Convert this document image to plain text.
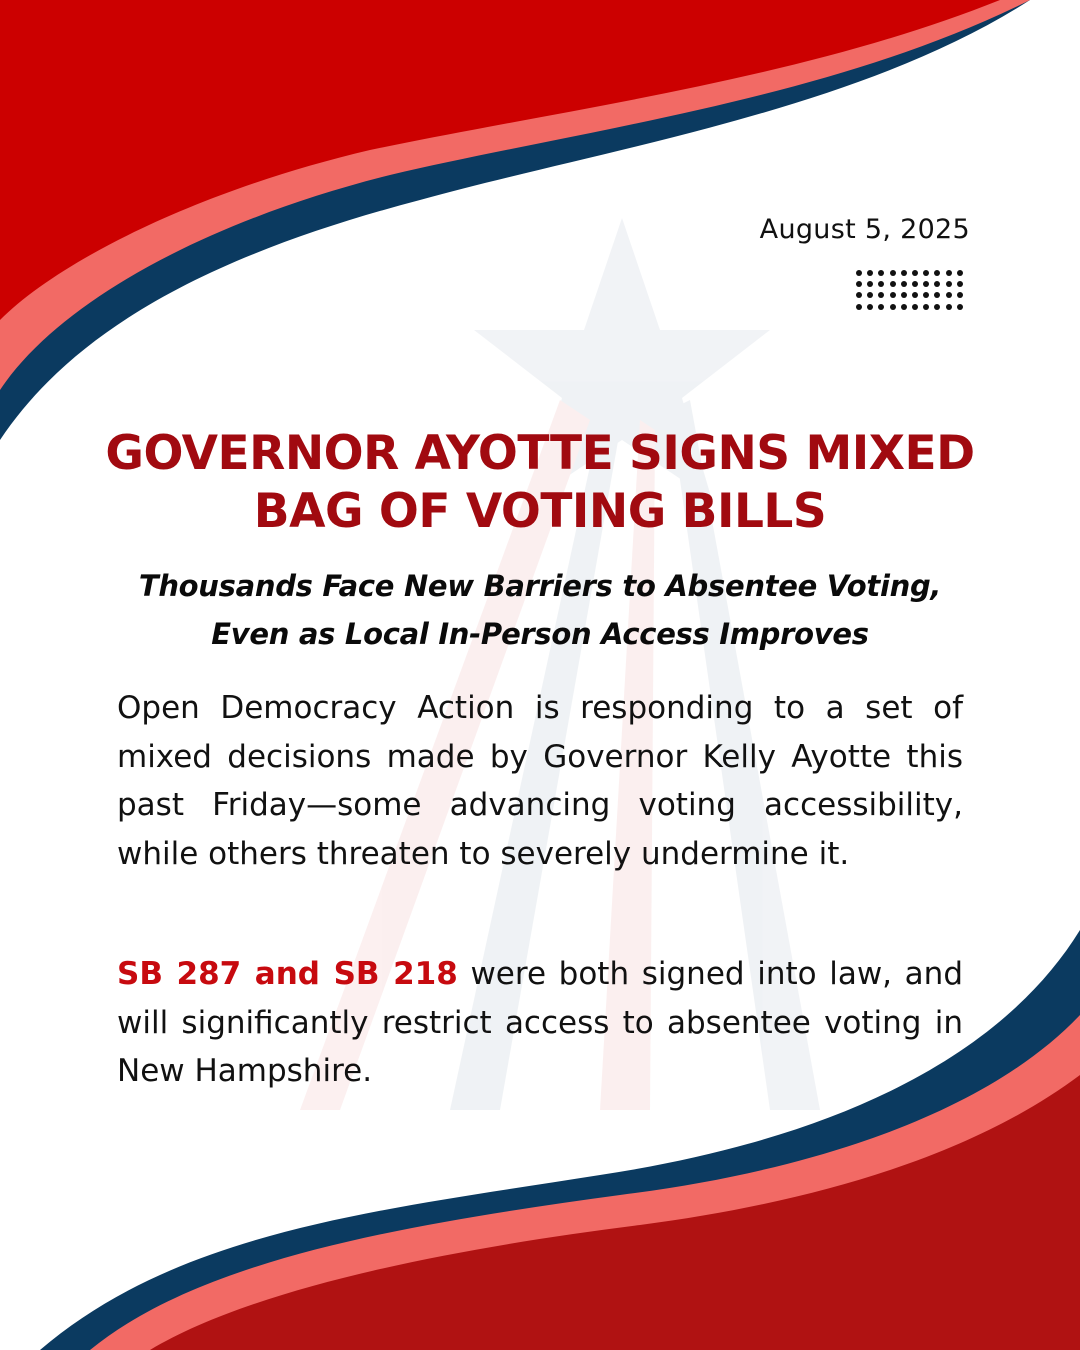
August 5, 2025
GOVERNOR AYOTTE SIGNS MIXED
BAG OF VOTING BILLS
Thousands Face New Barriers to Absentee Voting,
Even as Local In-Person Access Improves

Open Democracy Action is responding to a set of mixed decisions made by Governor Kelly Ayotte this past Friday—some advancing voting accessibility, while others threaten to severely undermine it.

SB 287 and SB 218 were both signed into law, and will significantly restrict access to absentee voting in New Hampshire.
